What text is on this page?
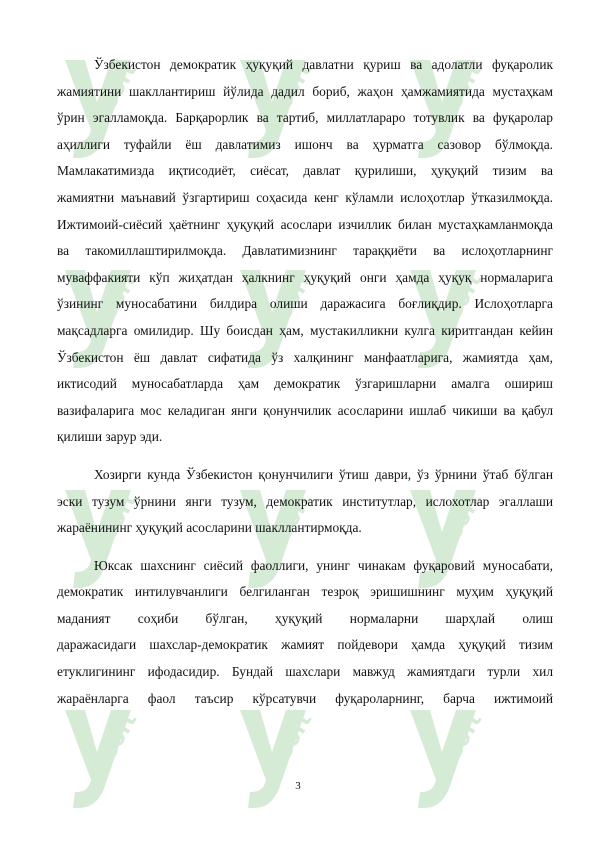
soft	soft	soft
soft	soft	soft
soft	soft	soft
soft	soft	soft
Ўзбекистон демократик ҳуқуқий давлатни қуриш ва адолатли фуқаролик
жамиятини шакллантириш йўлида дадил бориб, жаҳон ҳамжамиятида мустаҳкам
ўрин эгалламоқда. Барқарорлик ва тартиб, миллатлараро тотувлик ва фуқаролар
аҳиллиги туфайли ёш давлатимиз ишонч ва ҳурматга сазовор бўлмоқда.
Мамлакатимизда иқтисодиёт, сиёсат, давлат қурилиши, ҳуқуқий тизим ва
жамиятни маънавий ўзгартириш соҳасида кенг кўламли ислоҳотлар ўтказилмоқда.
Ижтимоий-сиёсий ҳаётнинг ҳуқуқий асослари изчиллик билан мустаҳкамланмоқда
ва такомиллаштирилмоқда. Давлатимизнинг тараққиёти ва ислоҳотларнинг
муваффакияти кўп жиҳатдан ҳалкнинг ҳуқуқий онги ҳамда ҳуқуқ нормаларига
ўзининг муносабатини билдира олиши даражасига боғлиқдир. Ислоҳотларга
мақсадларга омилидир. Шу боисдан ҳам, мустакилликни кулга киритгандан кейин
Ўзбекистон ёш давлат сифатида ўз халқининг манфаатларига, жамиятда ҳам,
иктисодий муносабатларда ҳам демократик ўзгаришларни амалга ошириш
вазифаларига мос келадиган янги қонунчилик асосларини ишлаб чикиши ва қабул
қилиши зарур эди.
Хозирги кунда Ўзбекистон қонунчилиги ўтиш даври, ўз ўрнини ўтаб бўлган
эски тузум ўрнини янги тузум, демократик институтлар, ислохотлар эгаллаши
жараёнининг ҳуқуқий асосларини шакллантирмоқда.
Юксак шахснинг сиёсий фаоллиги, унинг чинакам фуқаровий муносабати,
демократик интилувчанлиги белгиланган тезроқ эришишнинг муҳим ҳуқуқий
маданият соҳиби бўлган, ҳуқуқий нормаларни шарҳлай олиш
даражасидаги шахслар-демократик жамият пойдевори ҳамда ҳуқуқий тизим
етуклигининг ифодасидир. Бундай шахслари мавжуд жамиятдаги турли хил
жараёнларга фаол таъсир кўрсатувчи фуқароларнинг, барча ижтимоий
3
